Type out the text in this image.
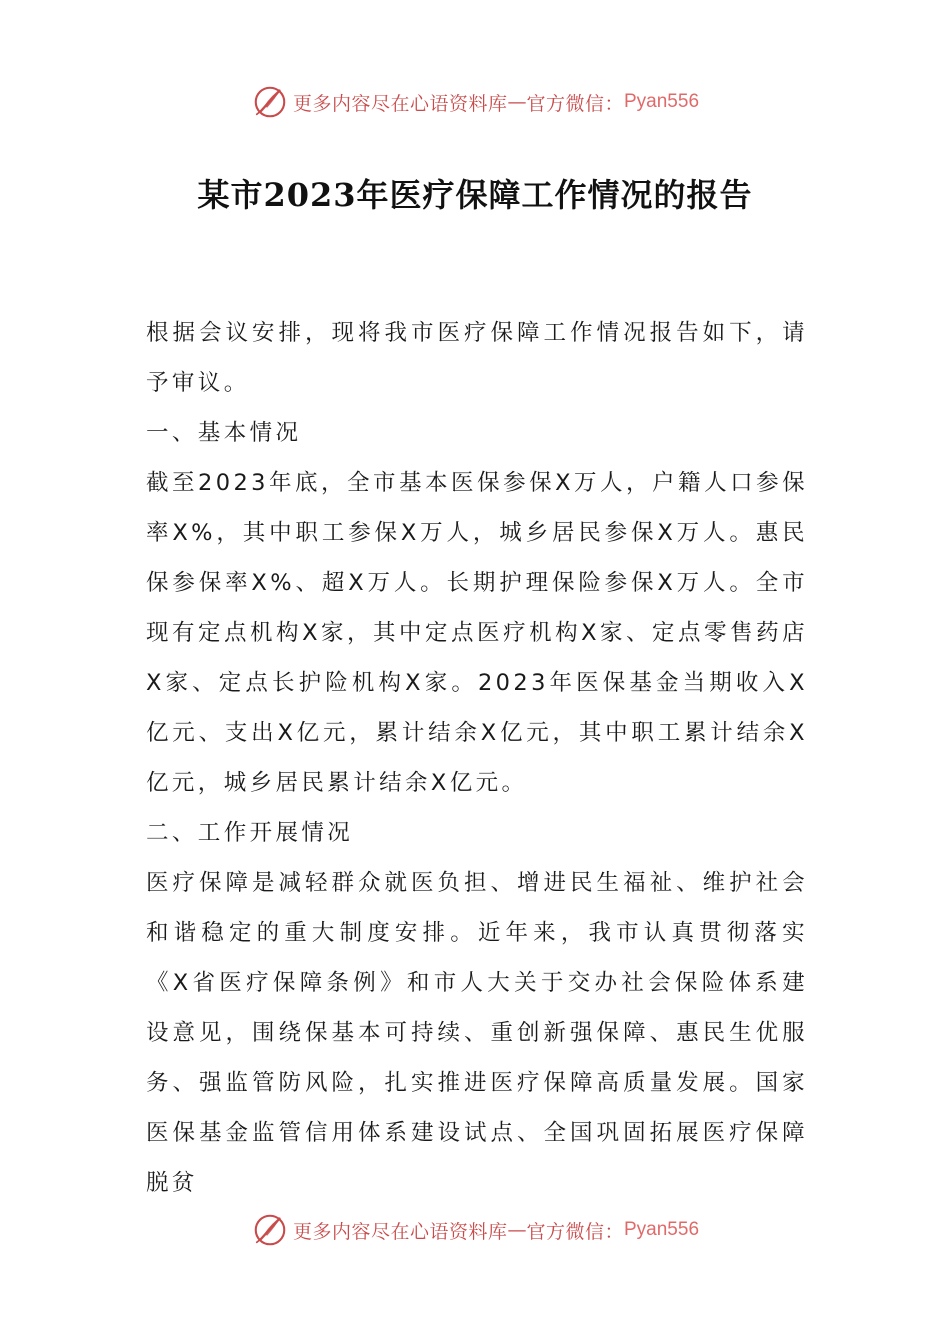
更多内容尽在心语资料库 — 官方微信： Pyan556
某市2023年医疗保障工作情况的报告

根据会议安排，现将我市医疗保障工作情况报告如下，请予审议。

一、基本情况

截至2023年底，全市基本医保参保X万人，户籍人口参保率X%，其中职工参保X万人，城乡居民参保X万人。惠民保参保率X%、超X万人。长期护理保险参保X万人。全市现有定点机构X家，其中定点医疗机构X家、定点零售药店X家、定点长护险机构X家。2023年医保基金当期收入X亿元、支出X亿元，累计结余X亿元，其中职工累计结余X亿元，城乡居民累计结余X亿元。

二、工作开展情况

医疗保障是减轻群众就医负担、增进民生福祉、维护社会和谐稳定的重大制度安排。近年来，我市认真贯彻落实《X省医疗保障条例》和市人大关于交办社会保险体系建设意见，围绕保基本可持续、重创新强保障、惠民生优服务、强监管防风险，扎实推进医疗保障高质量发展。国家医保基金监管信用体系建设试点、全国巩固拓展医疗保障脱贫

更多内容尽在心语资料库 — 官方微信： Pyan556
